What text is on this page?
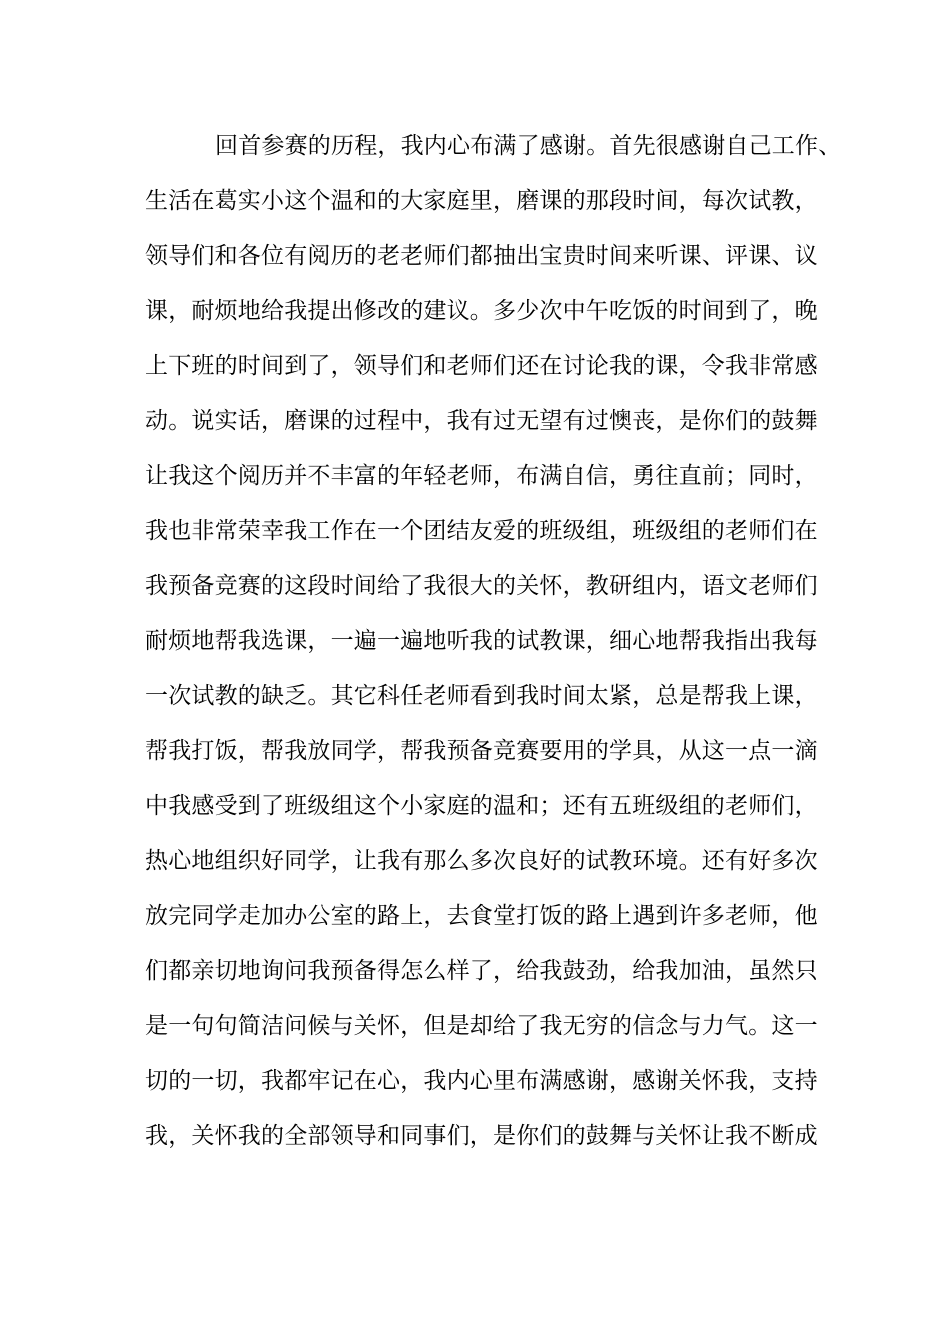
回首参赛的历程，我内心布满了感谢。首先很感谢自己工作、
生活在葛实小这个温和的大家庭里，磨课的那段时间，每次试教，
领导们和各位有阅历的老老师们都抽出宝贵时间来听课、评课、议
课，耐烦地给我提出修改的建议。多少次中午吃饭的时间到了，晚
上下班的时间到了，领导们和老师们还在讨论我的课，令我非常感
动。说实话，磨课的过程中，我有过无望有过懊丧，是你们的鼓舞
让我这个阅历并不丰富的年轻老师，布满自信，勇往直前；同时，
我也非常荣幸我工作在一个团结友爱的班级组，班级组的老师们在
我预备竞赛的这段时间给了我很大的关怀，教研组内，语文老师们
耐烦地帮我选课，一遍一遍地听我的试教课，细心地帮我指出我每
一次试教的缺乏。其它科任老师看到我时间太紧，总是帮我上课，
帮我打饭，帮我放同学，帮我预备竞赛要用的学具，从这一点一滴
中我感受到了班级组这个小家庭的温和；还有五班级组的老师们，
热心地组织好同学，让我有那么多次良好的试教环境。还有好多次
放完同学走加办公室的路上，去食堂打饭的路上遇到许多老师，他
们都亲切地询问我预备得怎么样了，给我鼓劲，给我加油，虽然只
是一句句简洁问候与关怀，但是却给了我无穷的信念与力气。这一
切的一切，我都牢记在心，我内心里布满感谢，感谢关怀我，支持
我，关怀我的全部领导和同事们，是你们的鼓舞与关怀让我不断成
